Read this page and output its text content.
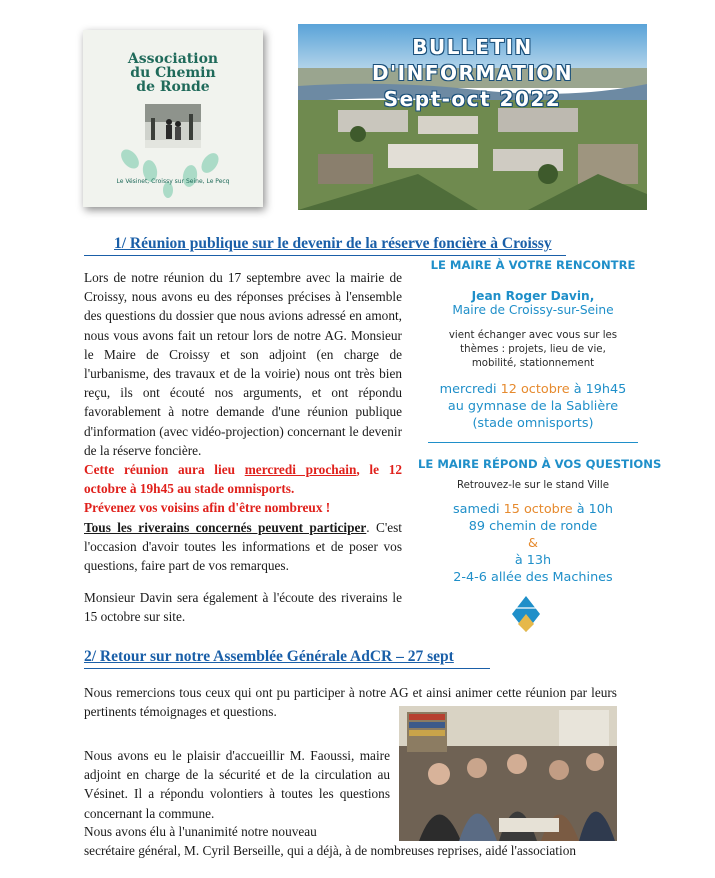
Association
du Chemin
de Ronde
Le Vésinet, Croissy sur Seine, Le Pecq
BULLETIN
D'INFORMATION
Sept-oct 2022
1/ Réunion publique sur le devenir de la réserve foncière à Croissy
Lors de notre réunion du 17 septembre avec la mairie de Croissy, nous avons eu des réponses précises à l'ensemble des questions du dossier que nous avions adressé en amont, nous vous avons fait un retour lors de notre AG. Monsieur le Maire de Croissy et son adjoint (en charge de l'urbanisme, des travaux et de la voirie) nous ont très bien reçu, ils ont écouté nos arguments, et ont répondu favorablement à notre demande d'une réunion publique d'information (avec vidéo-projection) concernant le devenir de la réserve foncière.
Cette réunion aura lieu mercredi prochain, le 12 octobre à 19h45 au stade omnisports.
Prévenez vos voisins afin d'être nombreux !
Tous les riverains concernés peuvent participer. C'est l'occasion d'avoir toutes les informations et de poser vos questions, faire part de vos remarques.
Monsieur Davin sera également à l'écoute des riverains le 15 octobre sur site.
LE MAIRE À VOTRE RENCONTRE
Jean Roger Davin,
Maire de Croissy-sur-Seine
vient échanger avec vous sur les thèmes : projets, lieu de vie, mobilité, stationnement
mercredi 12 octobre à 19h45
au gymnase de la Sablière
(stade omnisports)
LE MAIRE RÉPOND À VOS QUESTIONS
Retrouvez-le sur le stand Ville
samedi 15 octobre à 10h
89 chemin de ronde
&
à 13h
2-4-6 allée des Machines
2/ Retour sur notre Assemblée Générale AdCR – 27 sept
Nous remercions tous ceux qui ont pu participer à notre AG et ainsi animer cette réunion par leurs pertinents témoignages et questions.
Nous avons eu le plaisir d'accueillir M. Faoussi, maire adjoint en charge de la sécurité et de la circulation au Vésinet. Il a répondu volontiers à toutes les questions concernant la commune.
Nous avons élu à l'unanimité notre nouveau
secrétaire général, M. Cyril Berseille, qui a déjà, à de nombreuses reprises, aidé l'association
